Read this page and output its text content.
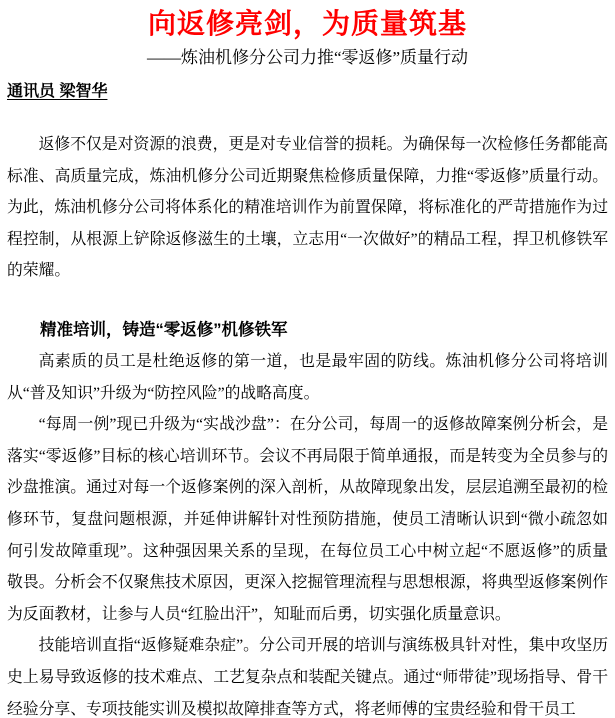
向返修亮剑，为质量筑基
——炼油机修分公司力推“零返修”质量行动
通讯员 梁智华

返修不仅是对资源的浪费，更是对专业信誉的损耗。为确保每一次检修任务都能高标准、高质量完成，炼油机修分公司近期聚焦检修质量保障，力推“零返修”质量行动。为此，炼油机修分公司将体系化的精准培训作为前置保障，将标准化的严苛措施作为过程控制，从根源上铲除返修滋生的土壤，立志用“一次做好”的精品工程，捍卫机修铁军的荣耀。

精准培训，铸造“零返修”机修铁军

高素质的员工是杜绝返修的第一道，也是最牢固的防线。炼油机修分公司将培训从“普及知识”升级为“防控风险”的战略高度。

“每周一例”现已升级为“实战沙盘”：在分公司，每周一的返修故障案例分析会，是落实“零返修”目标的核心培训环节。会议不再局限于简单通报，而是转变为全员参与的沙盘推演。通过对每一个返修案例的深入剖析，从故障现象出发，层层追溯至最初的检修环节，复盘问题根源，并延伸讲解针对性预防措施，使员工清晰认识到“微小疏忽如何引发故障重现”。这种强因果关系的呈现，在每位员工心中树立起“不愿返修”的质量敬畏。分析会不仅聚焦技术原因，更深入挖掘管理流程与思想根源，将典型返修案例作为反面教材，让参与人员“红脸出汗”，知耻而后勇，切实强化质量意识。

技能培训直指“返修疑难杂症”。分公司开展的培训与演练极具针对性，集中攻坚历史上易导致返修的技术难点、工艺复杂点和装配关键点。通过“师带徒”现场指导、骨干经验分享、专项技能实训及模拟故障排查等方式，将老师傅的宝贵经验和骨干员工
